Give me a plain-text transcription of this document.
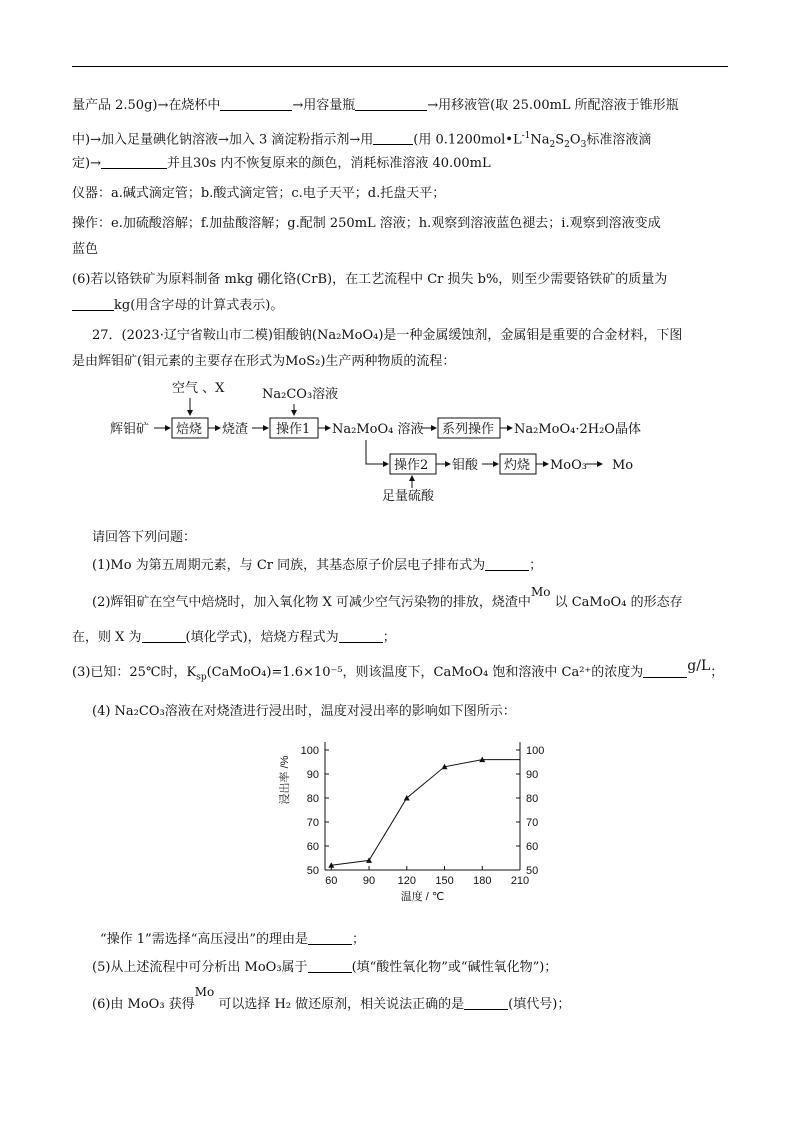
量产品 2.50g)→在烧杯中	→用容量瓶	→用移液管(取 25.00mL 所配溶液于锥形瓶
中)→加入足量碘化钠溶液→加入 3 滴淀粉指示剂→用	(用 $0.1200mol•L^{-1}Na_2S_2O_3$标准溶液滴
定)→	并且30s 内不恢复原来的颜色，消耗标准溶液 40.00mL
仪器：a.碱式滴定管；b.酸式滴定管；c.电子天平；d.托盘天平；
操作：e.加硫酸溶解；f.加盐酸溶解；g.配制 250mL 溶液；h.观察到溶液蓝色褪去；i.观察到溶液变成
蓝色
(6)若以铬铁矿为原料制备 mkg 硼化铬(CrB)，在工艺流程中 Cr 损失 b%，则至少需要铬铁矿的质量为
kg(用含字母的计算式表示)。
27．(2023·辽宁省鞍山市二模)钼酸钠(Na₂MoO₄)是一种金属缓蚀剂，金属钼是重要的合金材料，下图
是由辉钼矿(钼元素的主要存在形式为MoS₂)生产两种物质的流程：
空气 、X	Na₂CO₃溶液
辉钼矿 焙烧 烧渣 操作1 Na₂MoO₄ 溶液 系列操作 Na₂MoO₄·2H₂O晶体
操作2
足量硫酸
钼酸 灼烧 MoO₃ Mo
请回答下列问题：
(1)Mo 为第五周期元素，与 Cr 同族，其基态原子价层电子排布式为	；
(2)辉钼矿在空气中焙烧时，加入氧化物 X 可减少空气污染物的排放，烧渣中Mo 以 CaMoO₄ 的形态存
在，则 X 为	(填化学式)，焙烧方程式为	；
(3)已知：25℃时，$K_{sp}(CaMoO_4)=1.6\times 10^{-5}$，则该温度下，CaMoO₄ 饱和溶液中 Ca²⁺的浓度为	g/L；
(4) Na₂CO₃溶液在对烧渣进行浸出时，温度对浸出率的影响如下图所示：
50	50
60	60
70	70
80	80
90	90
100	100
60 90 120 150 180 210
温度 / ℃
浸出率 /%
“操作 1”需选择“高压浸出”的理由是	；
(5)从上述流程中可分析出 MoO₃属于	(填“酸性氧化物”或“碱性氧化物”)；
(6)由 MoO₃ 获得Mo 可以选择 H₂ 做还原剂，相关说法正确的是	(填代号)；
